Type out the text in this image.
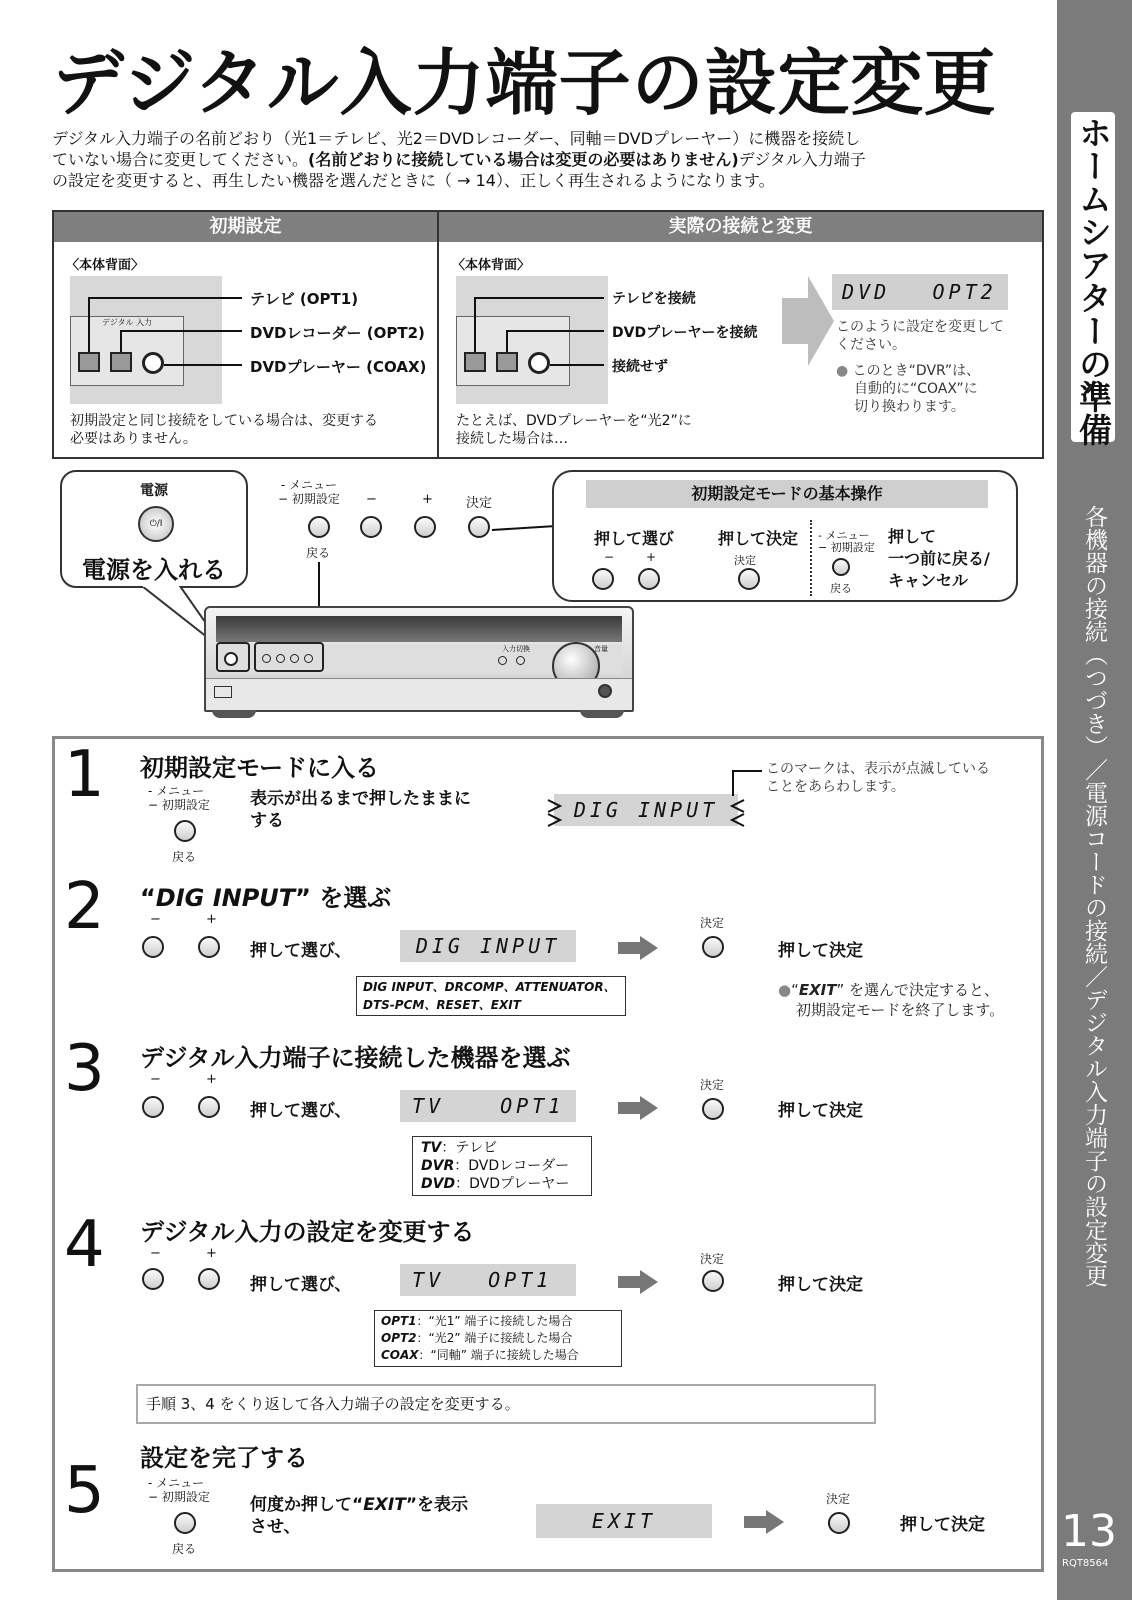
デジタル入力端子の設定変更
デジタル入力端子の名前どおり（光1＝テレビ、光2＝DVDレコーダー、同軸＝DVDプレーヤー）に機器を接続し
ていない場合に変更してください。(名前どおりに接続している場合は変更の必要はありません)デジタル入力端子
の設定を変更すると、再生したい機器を選んだときに（ → 14）、正しく再生されるようになります。	ホームシアターの準備
各機器の接続（つづき）／電源コードの接続／デジタル入力端子の設定変更
13
RQT8564
初期設定	実際の接続と変更
〈本体背面〉
デジタル 入力
テレビ (OPT1)
DVDレコーダー (OPT2)
DVDプレーヤー (COAX)
初期設定と同じ接続をしている場合は、変更する
必要はありません。
〈本体背面〉
テレビを接続
DVDプレーヤーを接続
接続せず
たとえば、DVDプレーヤーを“光2”に
接続した場合は…
DVD OPT2
このように設定を変更して
ください。
● このとき“DVR”は、
自動的に“COAX”に
切り換わります。
電源
⏻/I
電源を入れる
- メニュー
− 初期設定 −	+	決定
戻る
初期設定モードの基本操作
押して選び
−	+
押して決定
決定
- メニュー
− 初期設定
戻る
押して
一つ前に戻る/
キャンセル
入力切換	音量
1 初期設定モードに入る
- メニュー
− 初期設定
戻る
表示が出るまで押したままに
する	DIG INPUT
このマークは、表示が点滅している
ことをあらわします。
2 “DIG INPUT” を選ぶ
−	+
押して選び、	DIG INPUT
決定
押して決定
DIG INPUT、DRCOMP、ATTENUATOR、
DTS-PCM、RESET、EXIT
●“EXIT” を選んで決定すると、
初期設定モードを終了します。
3 デジタル入力端子に接続した機器を選ぶ
−	+
押して選び、	TV	OPT1
決定
押して決定
TV：テレビ
DVR：DVDレコーダー
DVD：DVDプレーヤー
4 デジタル入力の設定を変更する
−	+
押して選び、	TV OPT1
決定
押して決定
OPT1：“光1” 端子に接続した場合
OPT2：“光2” 端子に接続した場合
COAX：“同軸” 端子に接続した場合
手順 3、4 をくり返して各入力端子の設定を変更する。
5 設定を完了する
- メニュー
− 初期設定
戻る
何度か押して“EXIT”を表示
させ、	EXIT
決定
押して決定
